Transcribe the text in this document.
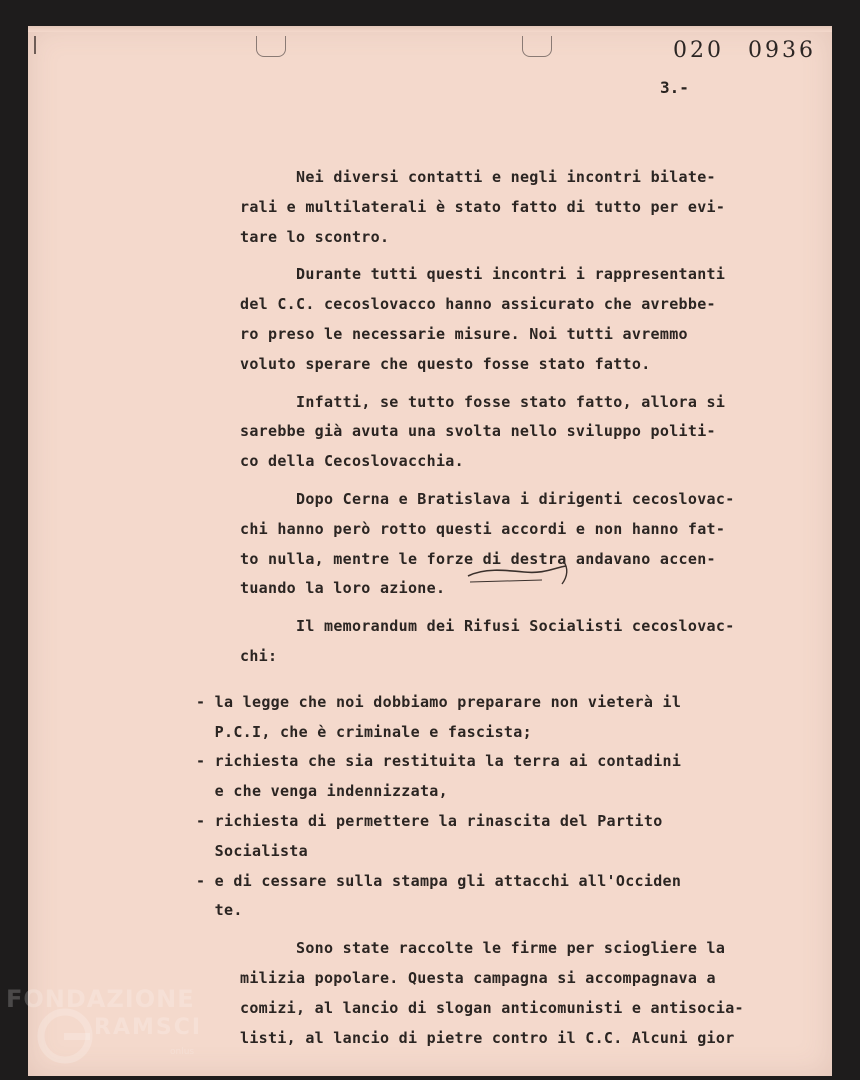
020 0936
3.-
Nei diversi contatti e negli incontri bilate-
rali e multilaterali è stato fatto di tutto per evi-
tare lo scontro.
Durante tutti questi incontri i rappresentanti
del C.C. cecoslovacco hanno assicurato che avrebbe-
ro preso le necessarie misure. Noi tutti avremmo
voluto sperare che questo fosse stato fatto.
Infatti, se tutto fosse stato fatto, allora si
sarebbe già avuta una svolta nello sviluppo politi-
co della Cecoslovacchia.
Dopo Cerna e Bratislava i dirigenti cecoslovac-
chi hanno però rotto questi accordi e non hanno fat-
to nulla, mentre le forze di destra andavano accen-
tuando la loro azione.
Il memorandum dei Rifusi Socialisti cecoslovac-
chi:
- la legge che noi dobbiamo preparare non vieterà il
P.C.I, che è criminale e fascista;
- richiesta che sia restituita la terra ai contadini
e che venga indennizzata,
- richiesta di permettere la rinascita del Partito
Socialista
- e di cessare sulla stampa gli attacchi all'Occiden
te.
Sono state raccolte le firme per sciogliere la
milizia popolare. Questa campagna si accompagnava a
comizi, al lancio di slogan anticomunisti e antisocia-
listi, al lancio di pietre contro il C.C. Alcuni gior
FONDAZIONE
RAMSCI
onlus
